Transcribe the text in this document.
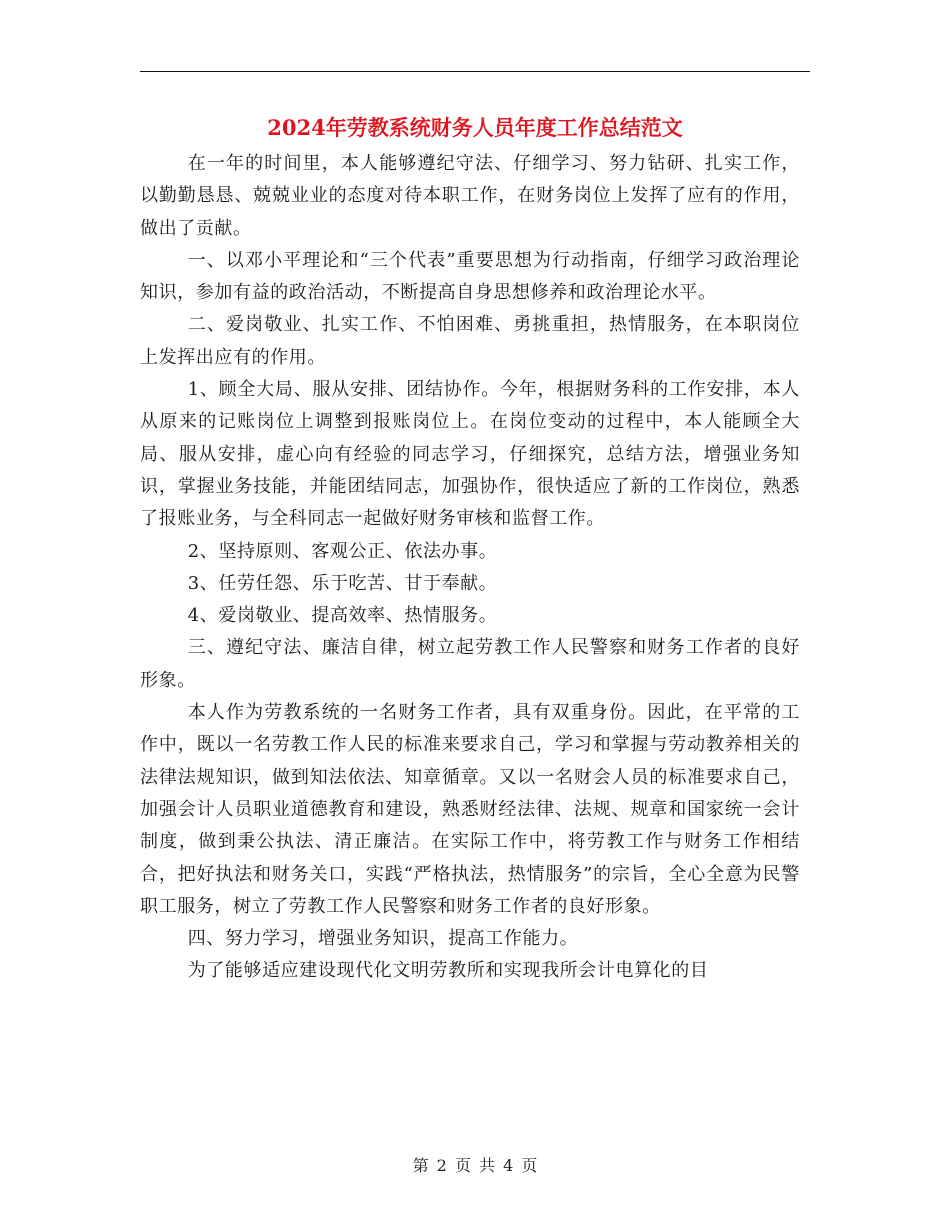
2024年劳教系统财务人员年度工作总结范文

在一年的时间里，本人能够遵纪守法、仔细学习、努力钻研、扎实工作，以勤勤恳恳、兢兢业业的态度对待本职工作，在财务岗位上发挥了应有的作用，做出了贡献。

一、以邓小平理论和“三个代表”重要思想为行动指南，仔细学习政治理论知识，参加有益的政治活动，不断提高自身思想修养和政治理论水平。

二、爱岗敬业、扎实工作、不怕困难、勇挑重担，热情服务，在本职岗位上发挥出应有的作用。

1、顾全大局、服从安排、团结协作。今年，根据财务科的工作安排，本人从原来的记账岗位上调整到报账岗位上。在岗位变动的过程中，本人能顾全大局、服从安排，虚心向有经验的同志学习，仔细探究，总结方法，增强业务知识，掌握业务技能，并能团结同志，加强协作，很快适应了新的工作岗位，熟悉了报账业务，与全科同志一起做好财务审核和监督工作。

2、坚持原则、客观公正、依法办事。

3、任劳任怨、乐于吃苦、甘于奉献。

4、爱岗敬业、提高效率、热情服务。

三、遵纪守法、廉洁自律，树立起劳教工作人民警察和财务工作者的良好形象。

本人作为劳教系统的一名财务工作者，具有双重身份。因此，在平常的工作中，既以一名劳教工作人民的标准来要求自己，学习和掌握与劳动教养相关的法律法规知识，做到知法依法、知章循章。又以一名财会人员的标准要求自己，加强会计人员职业道德教育和建设，熟悉财经法律、法规、规章和国家统一会计制度，做到秉公执法、清正廉洁。在实际工作中，将劳教工作与财务工作相结合，把好执法和财务关口，实践“严格执法，热情服务”的宗旨，全心全意为民警职工服务，树立了劳教工作人民警察和财务工作者的良好形象。

四、努力学习，增强业务知识，提高工作能力。

为了能够适应建设现代化文明劳教所和实现我所会计电算化的目

第 2 页 共 4 页
